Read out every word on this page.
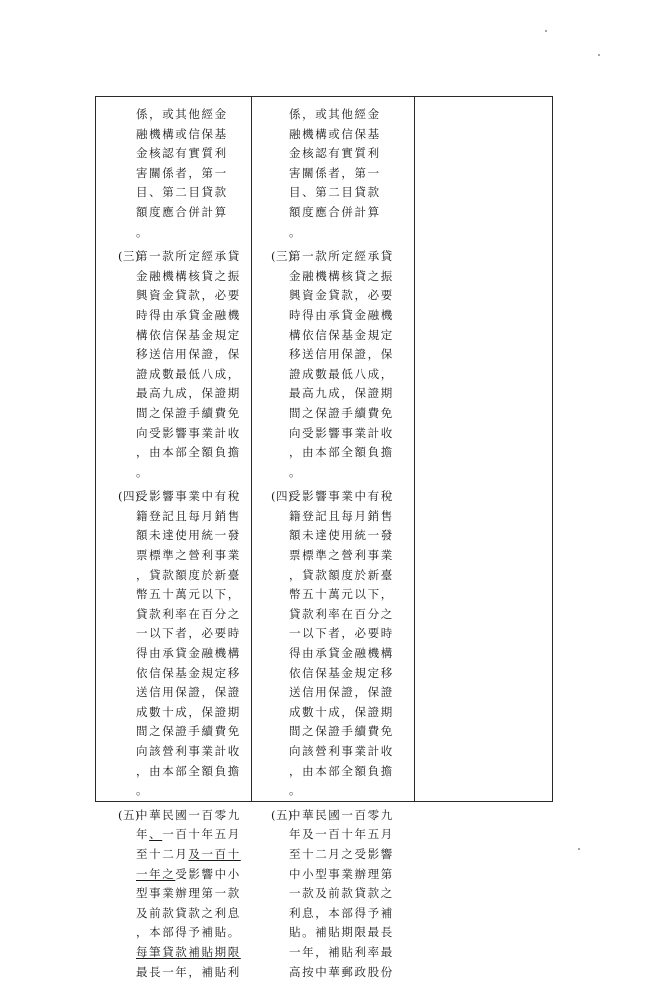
係，或其他經金
融機構或信保基
金核認有實質利
害關係者，第一
目、第二目貸款
額度應合併計算
。
(三)
第一款所定經承貸
金融機構核貸之振
興資金貸款，必要
時得由承貸金融機
構依信保基金規定
移送信用保證，保
證成數最低八成，
最高九成，保證期
間之保證手續費免
向受影響事業計收
，由本部全額負擔
。
(四)
受影響事業中有稅
籍登記且每月銷售
額未達使用統一發
票標準之營利事業
，貸款額度於新臺
幣五十萬元以下，
貸款利率在百分之
一以下者，必要時
得由承貸金融機構
依信保基金規定移
送信用保證，保證
成數十成，保證期
間之保證手續費免
向該營利事業計收
，由本部全額負擔
。
(五)
中華民國一百零九
年、一百十年五月
至十二月及一百十
一年之受影響中小
型事業辦理第一款
及前款貸款之利息
，本部得予補貼。
每筆貸款補貼期限
最長一年，補貼利
係，或其他經金
融機構或信保基
金核認有實質利
害關係者，第一
目、第二目貸款
額度應合併計算
。
(三)
第一款所定經承貸
金融機構核貸之振
興資金貸款，必要
時得由承貸金融機
構依信保基金規定
移送信用保證，保
證成數最低八成，
最高九成，保證期
間之保證手續費免
向受影響事業計收
，由本部全額負擔
。
(四)
受影響事業中有稅
籍登記且每月銷售
額未達使用統一發
票標準之營利事業
，貸款額度於新臺
幣五十萬元以下，
貸款利率在百分之
一以下者，必要時
得由承貸金融機構
依信保基金規定移
送信用保證，保證
成數十成，保證期
間之保證手續費免
向該營利事業計收
，由本部全額負擔
。
(五)
中華民國一百零九
年及一百十年五月
至十二月之受影響
中小型事業辦理第
一款及前款貸款之
利息，本部得予補
貼。補貼期限最長
一年，補貼利率最
高按中華郵政股份
